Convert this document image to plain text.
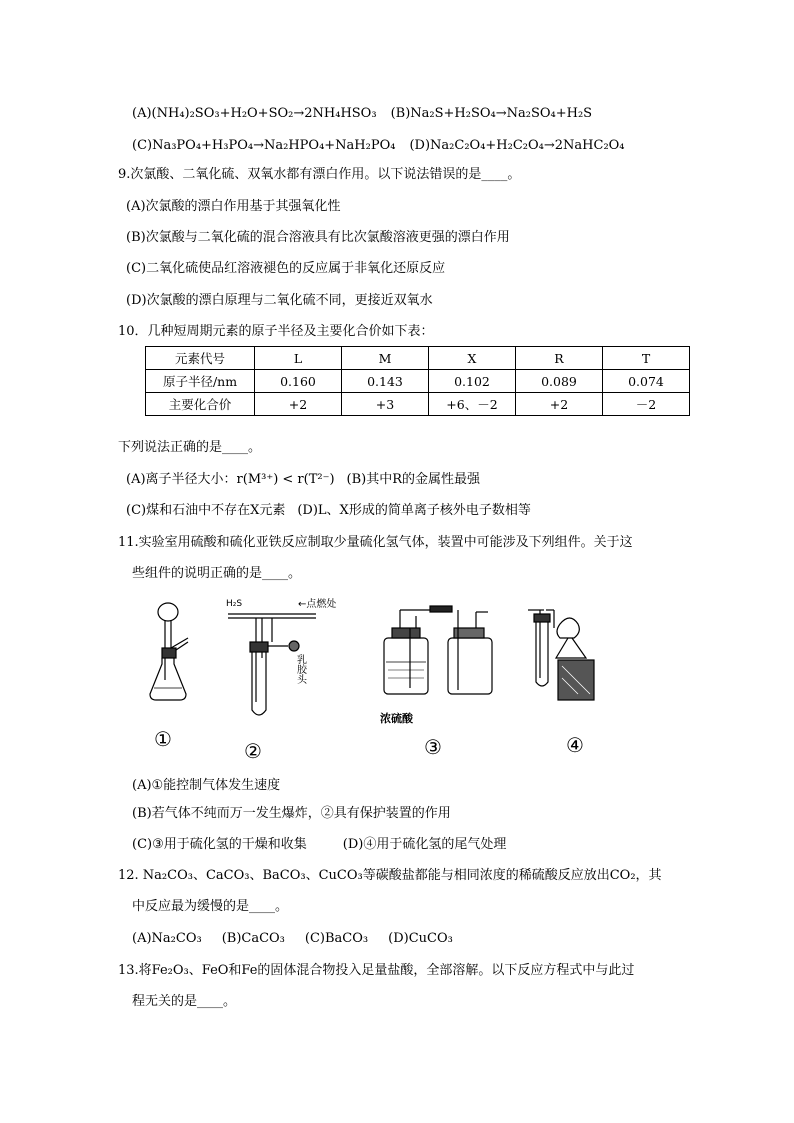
(A)(NH₄)₂SO₃+H₂O+SO₂→2NH₄HSO₃ (B)Na₂S+H₂SO₄→Na₂SO₄+H₂S
(C)Na₃PO₄+H₃PO₄→Na₂HPO₄+NaH₂PO₄ (D)Na₂C₂O₄+H₂C₂O₄→2NaHC₂O₄
9.次氯酸、二氧化硫、双氧水都有漂白作用。以下说法错误的是____。
(A)次氯酸的漂白作用基于其强氧化性
(B)次氯酸与二氧化硫的混合溶液具有比次氯酸溶液更强的漂白作用
(C)二氧化硫使品红溶液褪色的反应属于非氧化还原反应
(D)次氯酸的漂白原理与二氧化硫不同，更接近双氧水
10．几种短周期元素的原子半径及主要化合价如下表：
元素代号	L	M	X	R	T
原子半径/nm	0.160	0.143	0.102	0.089	0.074
主要化合价	+2	+3	+6、－2	+2	－2
下列说法正确的是____。
(A)离子半径大小：r(M³⁺) < r(T²⁻) (B)其中R的金属性最强
(C)煤和石油中不存在X元素 (D)L、X形成的简单离子核外电子数相等
11.实验室用硫酸和硫化亚铁反应制取少量硫化氢气体，装置中可能涉及下列组件。关于这
些组件的说明正确的是____。
H₂S	←点燃处
乳胶头
浓硫酸
①	②	③	④
(A)①能控制气体发生速度
(B)若气体不纯而万一发生爆炸，②具有保护装置的作用
(C)③用于硫化氢的干燥和收集	(D)④用于硫化氢的尾气处理
12. Na₂CO₃、CaCO₃、BaCO₃、CuCO₃等碳酸盐都能与相同浓度的稀硫酸反应放出CO₂，其
中反应最为缓慢的是____。
(A)Na₂CO₃ (B)CaCO₃ (C)BaCO₃ (D)CuCO₃
13.将Fe₂O₃、FeO和Fe的固体混合物投入足量盐酸，全部溶解。以下反应方程式中与此过
程无关的是____。
